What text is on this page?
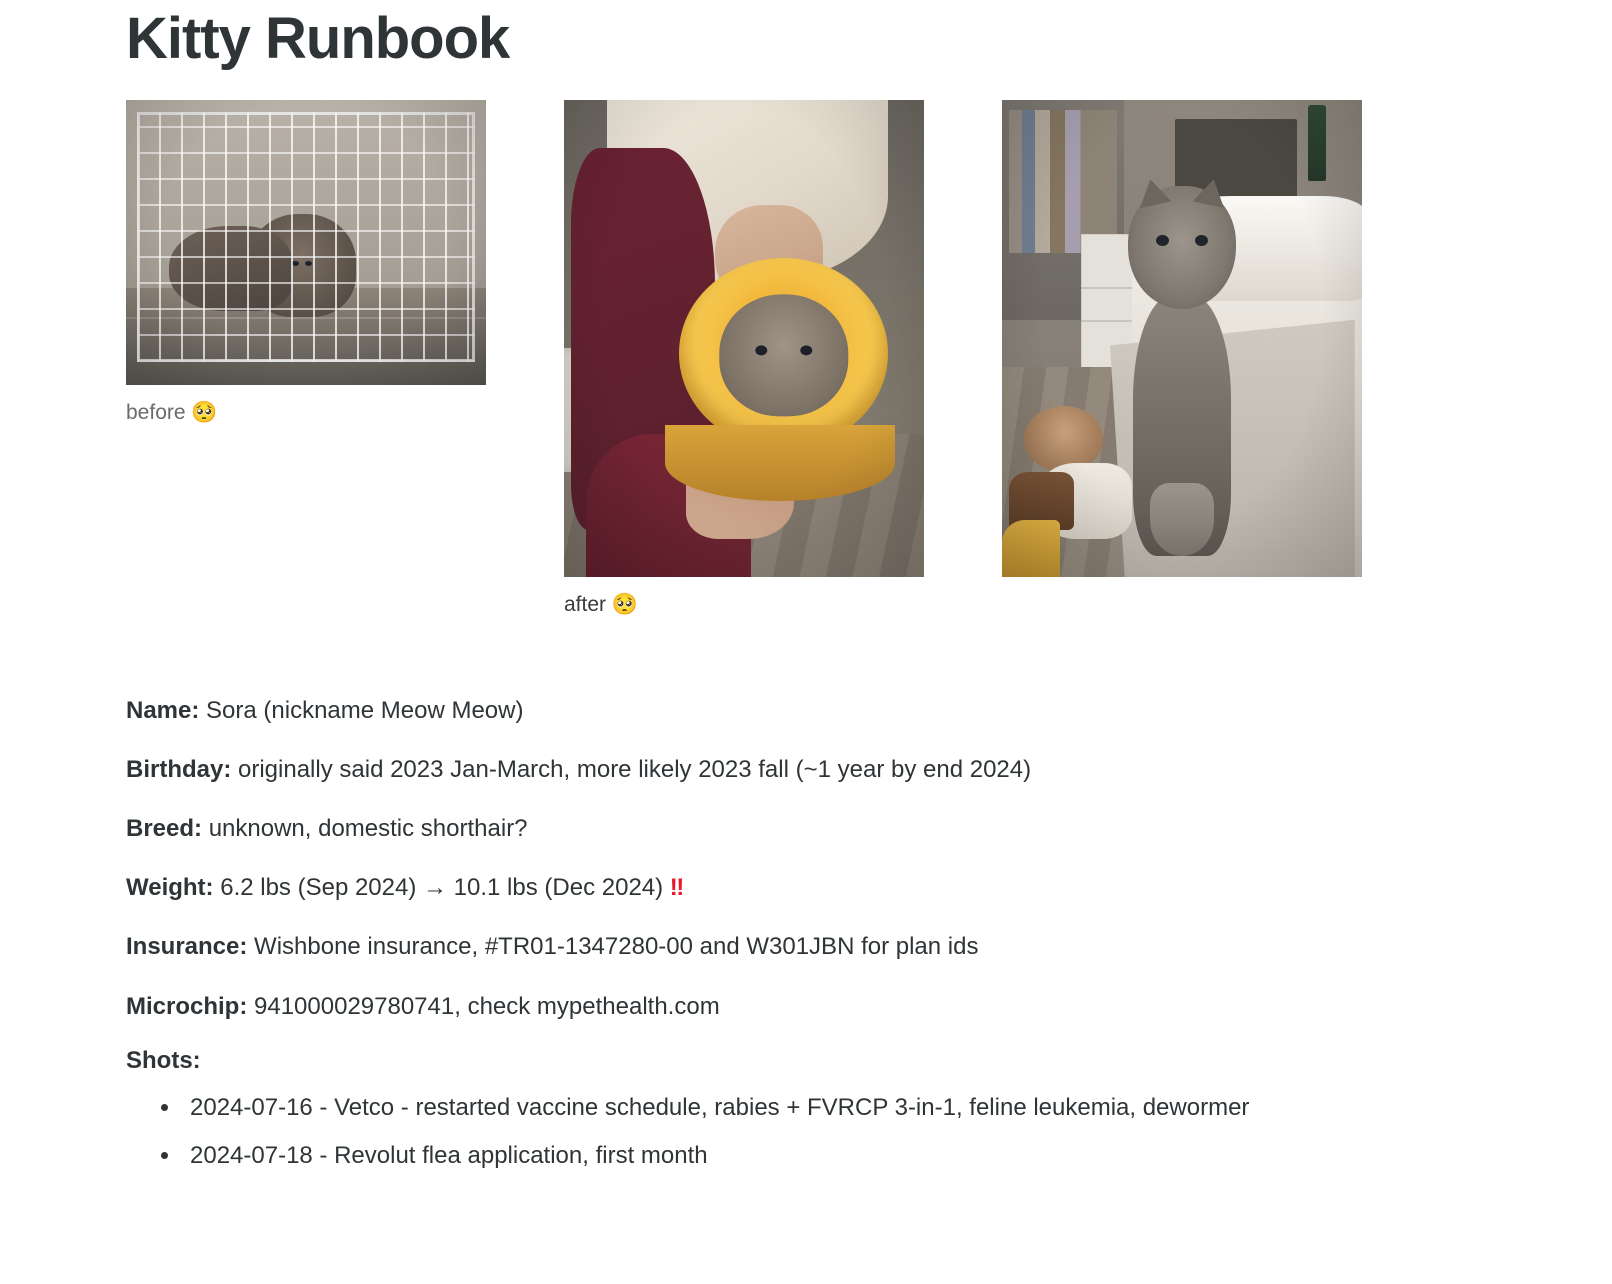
Kitty Runbook
before 🥺
after 🥺

Name: Sora (nickname Meow Meow)

Birthday: originally said 2023 Jan-March, more likely 2023 fall (~1 year by end 2024)

Breed: unknown, domestic shorthair?

Weight: 6.2 lbs (Sep 2024) → 10.1 lbs (Dec 2024) ‼

Insurance: Wishbone insurance, #TR01-1347280-00 and W301JBN for plan ids

Microchip: 941000029780741, check mypethealth.com

Shots:

• 2024-07-16 - Vetco - restarted vaccine schedule, rabies + FVRCP 3-in-1, feline leukemia, dewormer
• 2024-07-18 - Revolut flea application, first month
